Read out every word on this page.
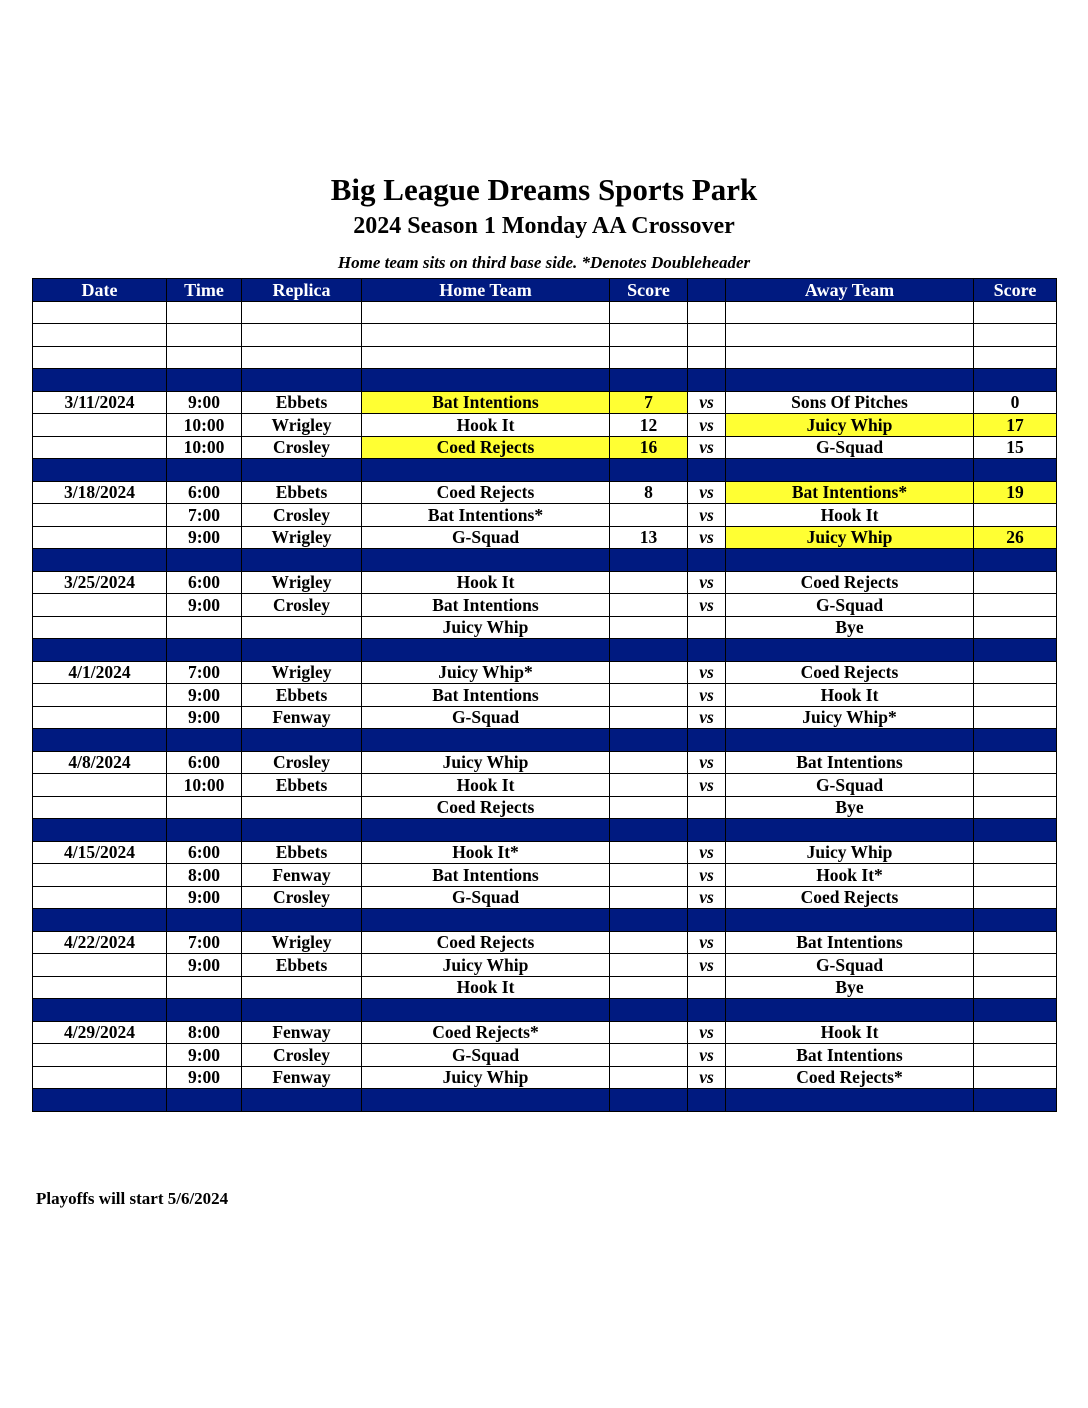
Big League Dreams Sports Park
2024 Season 1 Monday AA Crossover
Home team sits on third base side. *Denotes Doubleheader
Date	Time	Replica	Home Team	Score		Away Team	Score

3/11/2024	9:00	Ebbets	Bat Intentions	7	vs	Sons Of Pitches	0
	10:00	Wrigley	Hook It	12	vs	Juicy Whip	17
	10:00	Crosley	Coed Rejects	16	vs	G-Squad	15

3/18/2024	6:00	Ebbets	Coed Rejects	8	vs	Bat Intentions*	19
	7:00	Crosley	Bat Intentions*		vs	Hook It	
	9:00	Wrigley	G-Squad	13	vs	Juicy Whip	26

3/25/2024	6:00	Wrigley	Hook It		vs	Coed Rejects	
	9:00	Crosley	Bat Intentions		vs	G-Squad	
			Juicy Whip			Bye	

4/1/2024	7:00	Wrigley	Juicy Whip*		vs	Coed Rejects	
	9:00	Ebbets	Bat Intentions		vs	Hook It	
	9:00	Fenway	G-Squad		vs	Juicy Whip*	

4/8/2024	6:00	Crosley	Juicy Whip		vs	Bat Intentions	
	10:00	Ebbets	Hook It		vs	G-Squad	
			Coed Rejects			Bye	

4/15/2024	6:00	Ebbets	Hook It*		vs	Juicy Whip	
	8:00	Fenway	Bat Intentions		vs	Hook It*	
	9:00	Crosley	G-Squad		vs	Coed Rejects	

4/22/2024	7:00	Wrigley	Coed Rejects		vs	Bat Intentions	
	9:00	Ebbets	Juicy Whip		vs	G-Squad	
			Hook It			Bye	

4/29/2024	8:00	Fenway	Coed Rejects*		vs	Hook It	
	9:00	Crosley	G-Squad		vs	Bat Intentions	
	9:00	Fenway	Juicy Whip		vs	Coed Rejects*	

Playoffs will start 5/6/2024
